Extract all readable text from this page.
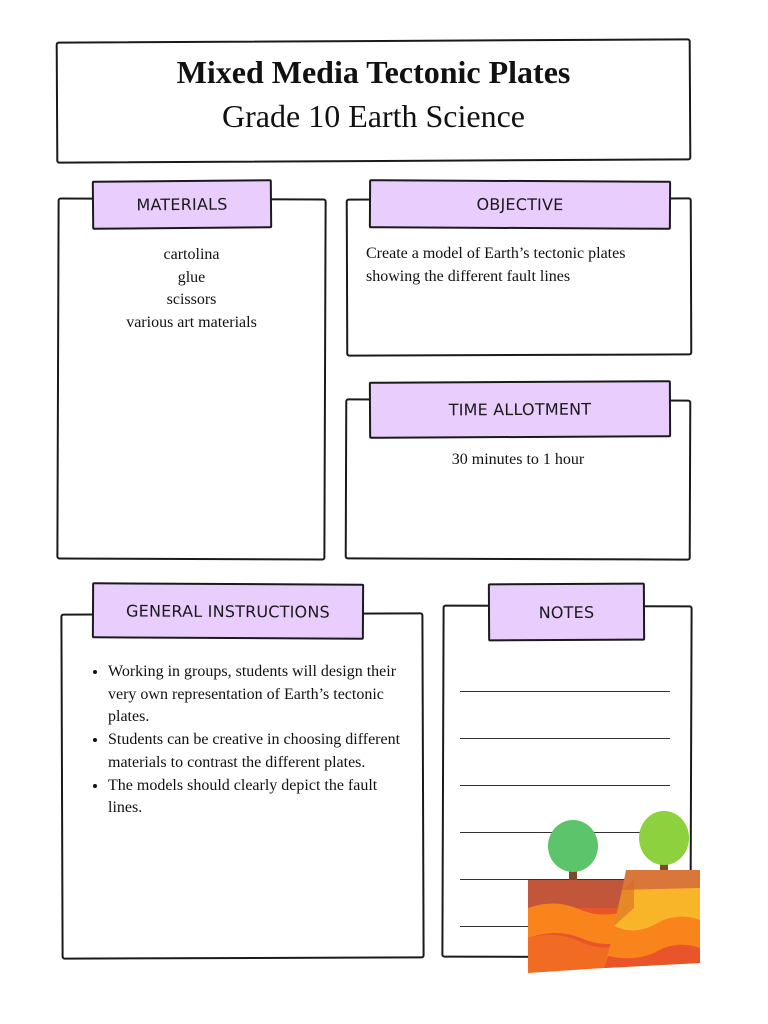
Mixed Media Tectonic Plates
Grade 10 Earth Science
MATERIALS
cartolina
glue
scissors
various art materials
OBJECTIVE
Create a model of Earth’s tectonic plates showing the different fault lines
TIME ALLOTMENT
30 minutes to 1 hour
GENERAL INSTRUCTIONS
• Working in groups, students will design their very own representation of Earth’s tectonic plates.
• Students can be creative in choosing different materials to contrast the different plates.
• The models should clearly depict the fault lines.
NOTES
